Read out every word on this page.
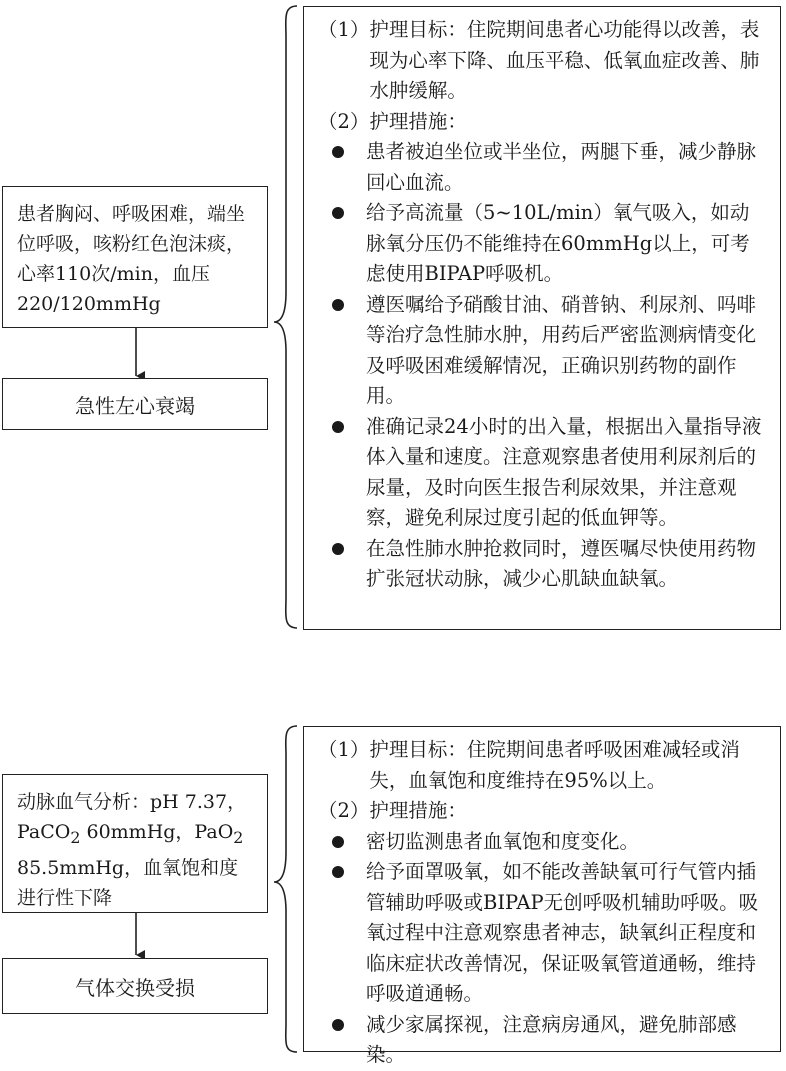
患者胸闷、呼吸困难，端坐位呼吸，咳粉红色泡沫痰，心率110次/min，血压220/120mmHg
急性左心衰竭

（1） 护理目标：住院期间患者心功能得以改善，表现为心率下降、血压平稳、低氧血症改善、肺水肿缓解。

（2） 护理措施：

患者被迫坐位或半坐位，两腿下垂，减少静脉回心血流。
给予高流量（5~10L/min）氧气吸入，如动脉氧分压仍不能维持在60mmHg以上，可考虑使用BIPAP呼吸机。
遵医嘱给予硝酸甘油、硝普钠、利尿剂、吗啡等治疗急性肺水肿，用药后严密监测病情变化及呼吸困难缓解情况，正确识别药物的副作用。
准确记录24小时的出入量，根据出入量指导液体入量和速度。注意观察患者使用利尿剂后的尿量，及时向医生报告利尿效果，并注意观察，避免利尿过度引起的低血钾等。
在急性肺水肿抢救同时，遵医嘱尽快使用药物扩张冠状动脉，减少心肌缺血缺氧。
动脉血气分析：pH 7.37，PaCO$_2$ 60mmHg，PaO$_2$ 85.5mmHg，血氧饱和度进行性下降
气体交换受损

（1） 护理目标：住院期间患者呼吸困难减轻或消失，血氧饱和度维持在95%以上。

（2） 护理措施：

密切监测患者血氧饱和度变化。
给予面罩吸氧，如不能改善缺氧可行气管内插管辅助呼吸或BIPAP无创呼吸机辅助呼吸。吸氧过程中注意观察患者神志，缺氧纠正程度和临床症状改善情况，保证吸氧管道通畅，维持呼吸道通畅。
减少家属探视，注意病房通风，避免肺部感染。
